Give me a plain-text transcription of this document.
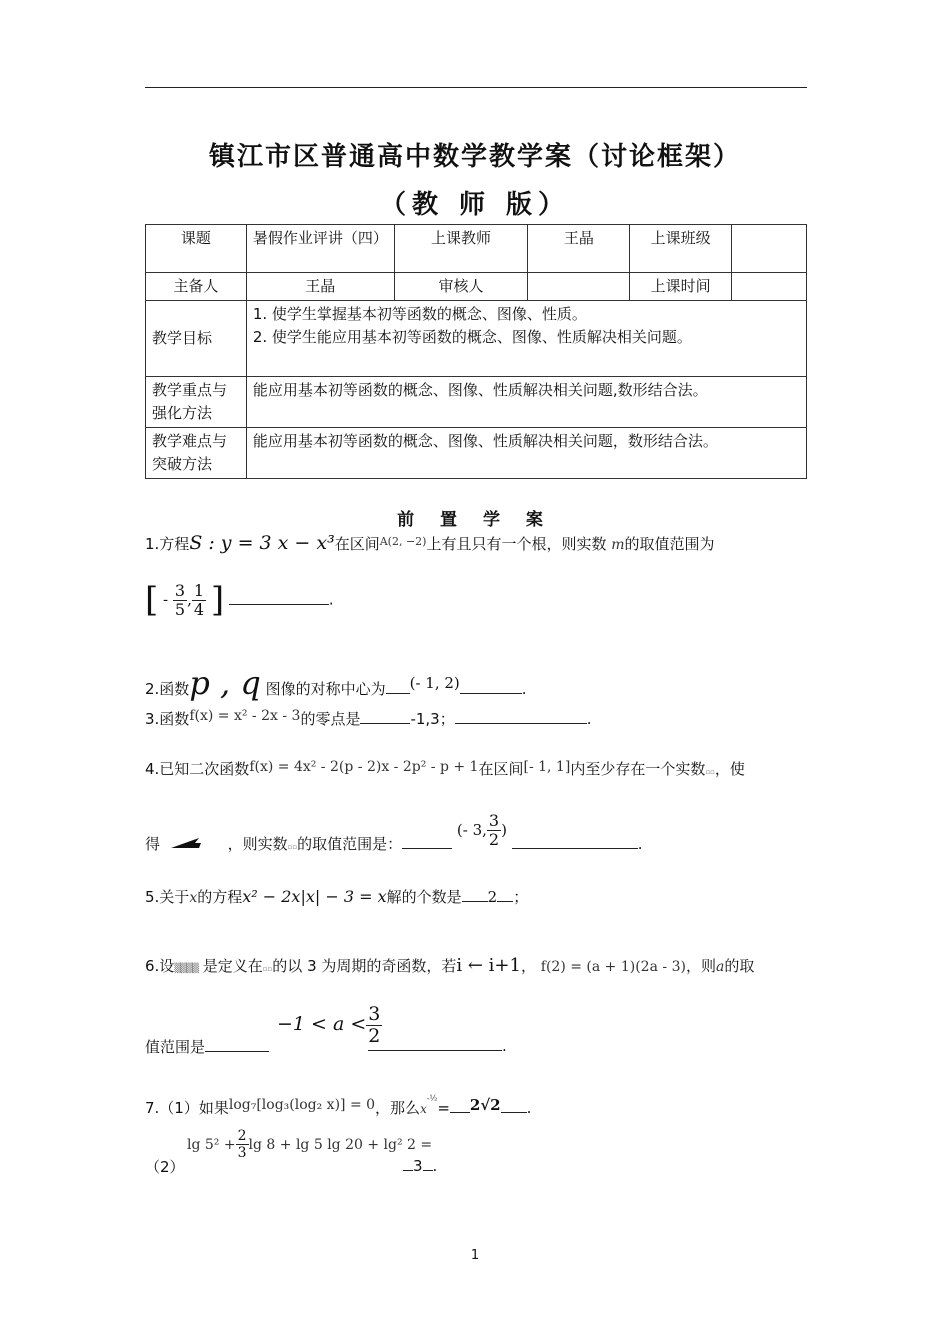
镇江市区普通高中数学教学案（讨论框架）
（教 师 版）
课题	暑假作业评讲（四）	上课教师	王晶	上课班级	
主备人	王晶	审核人		上课时间	
教学目标	1. 使学生掌握基本初等函数的概念、图像、性质。
2. 使学生能应用基本初等函数的概念、图像、性质解决相关问题。				

教学重点与
强化方法	能应用基本初等函数的概念、图像、性质解决相关问题,数形结合法。				

教学难点与
突破方法	能应用基本初等函数的概念、图像、性质解决相关问题，数形结合法。				
前 置 学 案
1.方程S : y = 3 x − x³在区间$^{A(2, -2)}$上有且只有一个根，则实数 m的取值范围为
[ - $\frac{3}{5}$ , $\frac{1}{4}$ ]	.
2.函数p , q 图像的对称中心为 (- 1, 2)	.
3.函数f(x) = x² - 2x - 3的零点是	-1,3；	.
4.已知二次函数f(x) = 4x² - 2(p - 2)x - 2p² - p + 1在区间[- 1, 1]内至少存在一个实数▫▫，使
得	，则实数▫▫的取值范围是： (- 3, $\frac{3}{2}$ ) .
5.关于x的方程x² − 2x|x| − 3 = x解的个数是 2 ；
6.设▒▒▒▒ 是定义在▫▫的以 3 为周期的奇函数，若i ← i+1， f(2) = (a + 1)(2a - 3)，则a的取
值范围是
$-1 < a < \frac{3}{2}$	.
7.（1）如果log₇[log₃(log₂ x)] = 0，那么$x^{-\frac{1}{2}}= 2√2$ .
（2）
$\lg 5^2 + \frac{2}{3}$ lg 8 + lg 5 lg 20 + lg² 2 =
3 .
1
